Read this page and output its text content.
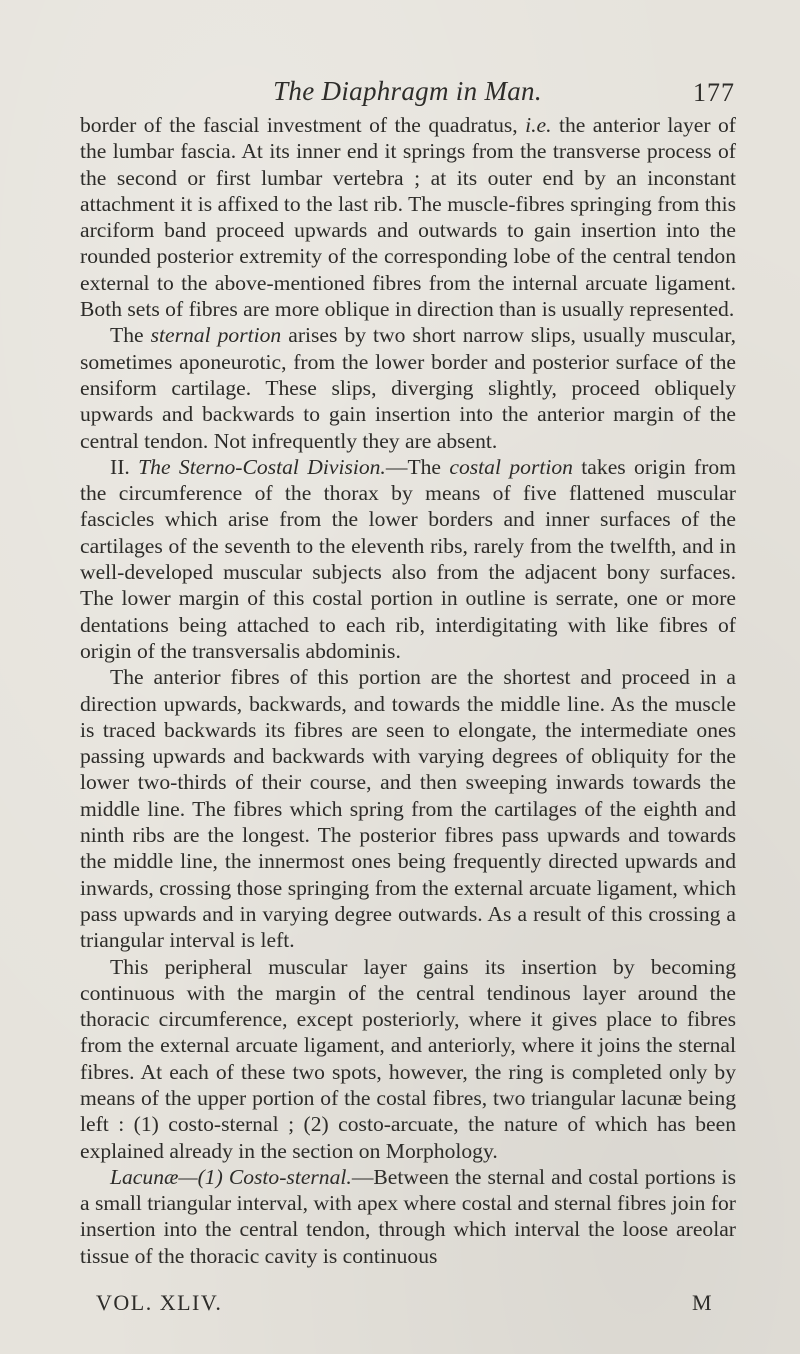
The Diaphragm in Man.	177

border of the fascial investment of the quadratus, i.e. the anterior layer of the lumbar fascia. At its inner end it springs from the transverse process of the second or first lumbar vertebra ; at its outer end by an inconstant attachment it is affixed to the last rib. The muscle-fibres springing from this arciform band proceed upwards and outwards to gain insertion into the rounded posterior extremity of the corresponding lobe of the central tendon external to the above-mentioned fibres from the internal arcuate ligament. Both sets of fibres are more oblique in direction than is usually represented.

The sternal portion arises by two short narrow slips, usually muscular, sometimes aponeurotic, from the lower border and posterior surface of the ensiform cartilage. These slips, diverging slightly, proceed obliquely upwards and backwards to gain insertion into the anterior margin of the central tendon. Not infrequently they are absent.

II. The Sterno-Costal Division.—The costal portion takes origin from the circumference of the thorax by means of five flattened muscular fascicles which arise from the lower borders and inner surfaces of the cartilages of the seventh to the eleventh ribs, rarely from the twelfth, and in well-developed muscular subjects also from the adjacent bony surfaces. The lower margin of this costal portion in outline is serrate, one or more dentations being attached to each rib, interdigitating with like fibres of origin of the transversalis abdominis.

The anterior fibres of this portion are the shortest and proceed in a direction upwards, backwards, and towards the middle line. As the muscle is traced backwards its fibres are seen to elongate, the intermediate ones passing upwards and backwards with varying degrees of obliquity for the lower two-thirds of their course, and then sweeping inwards towards the middle line. The fibres which spring from the cartilages of the eighth and ninth ribs are the longest. The posterior fibres pass upwards and towards the middle line, the innermost ones being frequently directed upwards and inwards, crossing those springing from the external arcuate ligament, which pass upwards and in varying degree outwards. As a result of this crossing a triangular interval is left.

This peripheral muscular layer gains its insertion by becoming continuous with the margin of the central tendinous layer around the thoracic circumference, except posteriorly, where it gives place to fibres from the external arcuate ligament, and anteriorly, where it joins the sternal fibres. At each of these two spots, however, the ring is completed only by means of the upper portion of the costal fibres, two triangular lacunæ being left : (1) costo-sternal ; (2) costo-arcuate, the nature of which has been explained already in the section on Morphology.

Lacunæ—(1) Costo-sternal.—Between the sternal and costal portions is a small triangular interval, with apex where costal and sternal fibres join for insertion into the central tendon, through which interval the loose areolar tissue of the thoracic cavity is continuous

VOL. XLIV.	M
